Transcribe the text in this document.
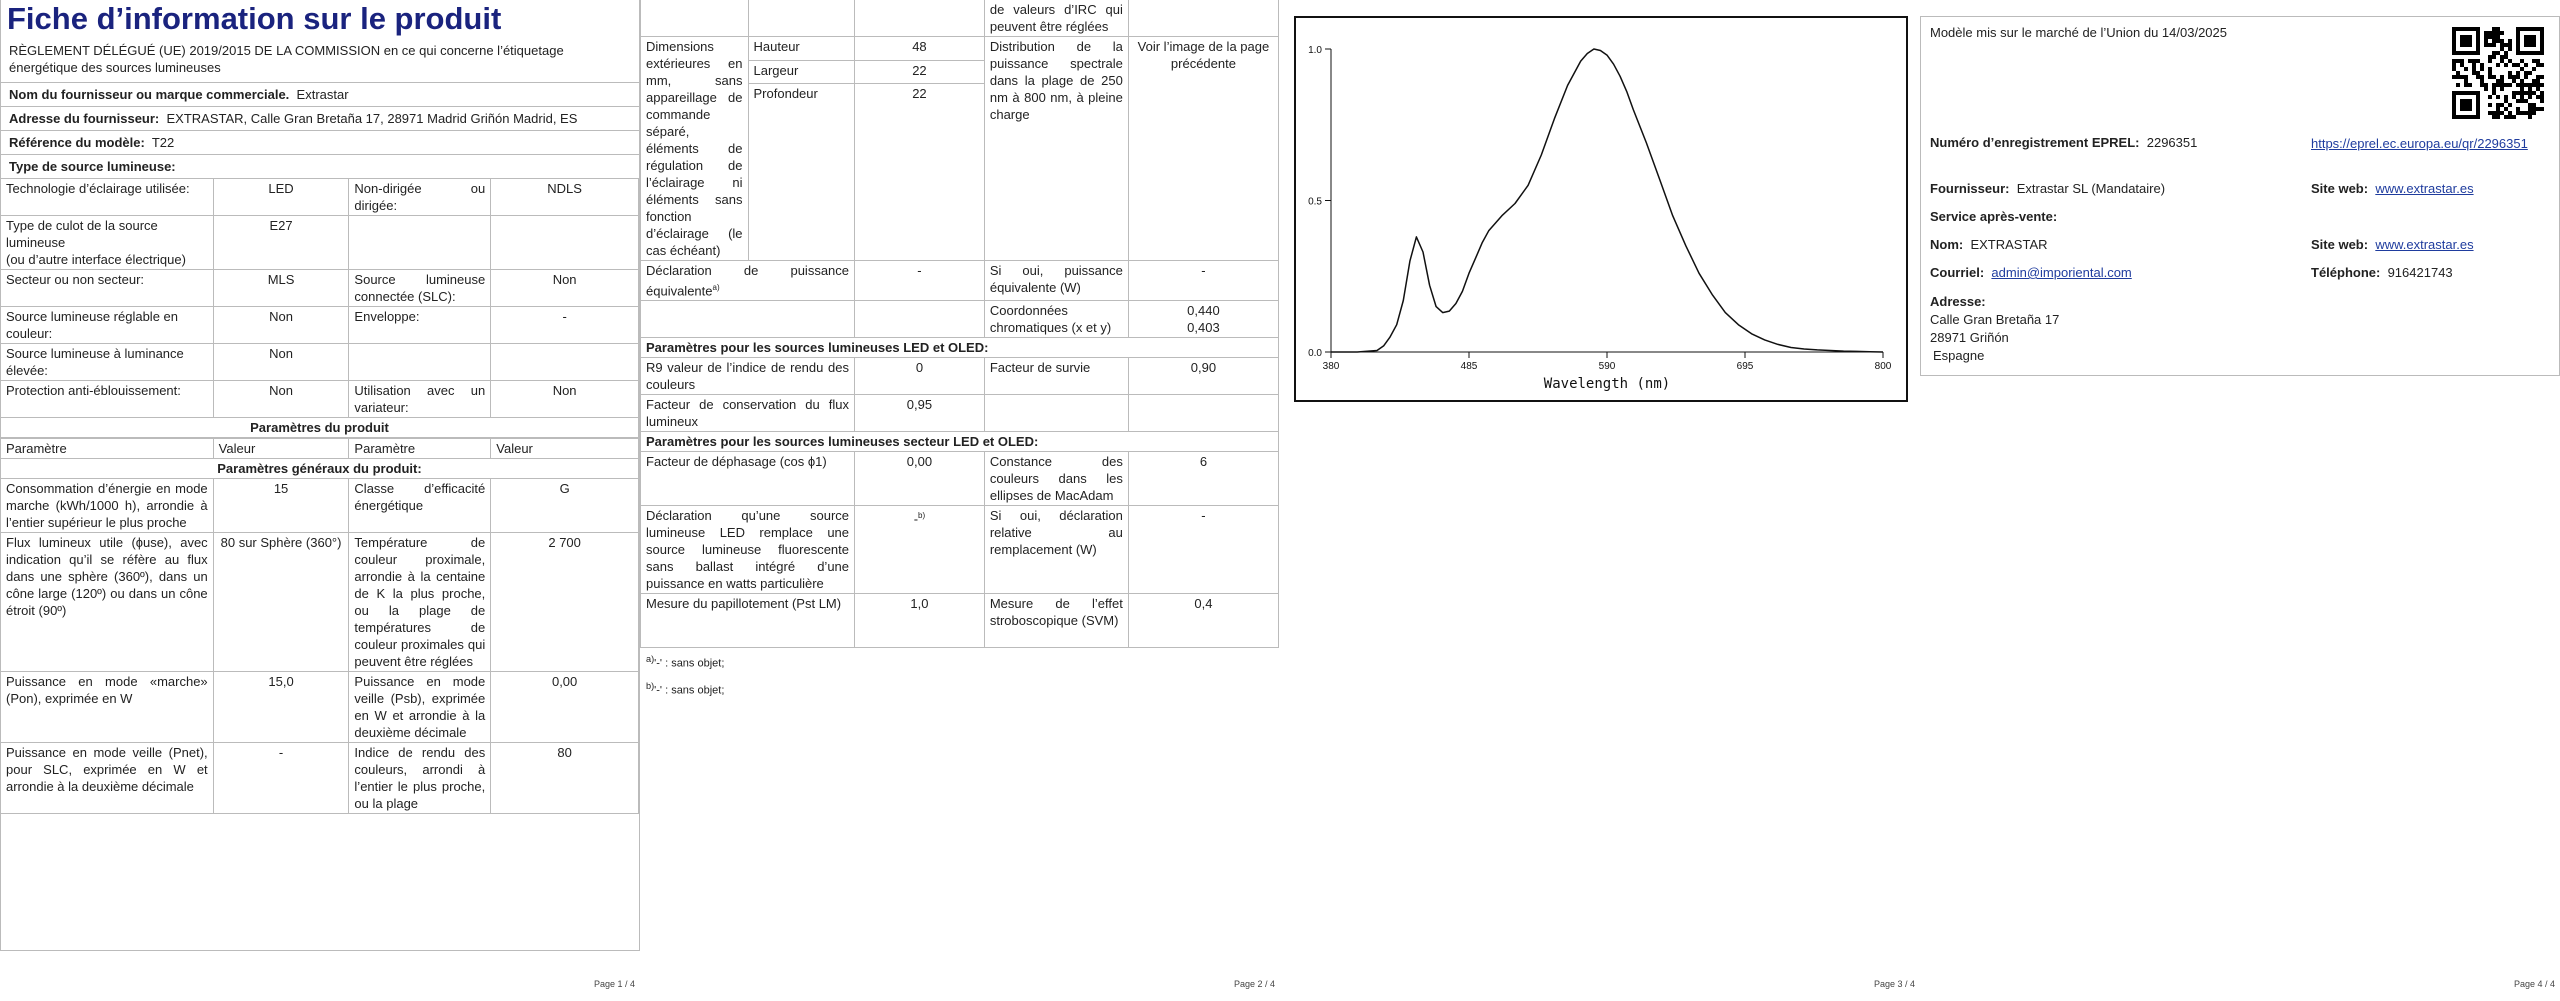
Fiche d’information sur le produit
RÈGLEMENT DÉLÉGUÉ (UE) 2019/2015 DE LA COMMISSION en ce qui concerne l’étiquetage énergétique des sources lumineuses
Nom du fournisseur ou marque commerciale. Extrastar
Adresse du fournisseur: EXTRASTAR, Calle Gran Bretaña 17, 28971 Madrid Griñón Madrid, ES
Référence du modèle: T22
Type de source lumineuse:
Technologie d’éclairage utilisée:	LED	Non-dirigée ou dirigée:	NDLS
Type de culot de la source lumineuse
(ou d’autre interface électrique)	E27		
Secteur ou non secteur:	MLS	Source lumineuse connectée (SLC):	Non
Source lumineuse réglable en couleur:	Non	Enveloppe:	-
Source lumineuse à luminance élevée:	Non		
Protection anti-éblouissement:	Non	Utilisation avec un variateur:	Non
Paramètres du produit			
Paramètre	Valeur	Paramètre	Valeur
Paramètres généraux du produit:			
Consommation d’énergie en mode marche (kWh/1000 h), arrondie à l’entier supérieur le plus proche	15	Classe d’efficacité énergétique	G
Flux lumineux utile (ɸuse), avec indication qu’il se réfère au flux dans une sphère (360º), dans un cône large (120º) ou dans un cône étroit (90º)	80 sur Sphère (360°)	Température de couleur proximale, arrondie à la centaine de K la plus proche, ou la plage de températures de couleur proximales qui peuvent être réglées	2 700
Puissance en mode «marche» (Pon), exprimée en W	15,0	Puissance en mode veille (Psb), exprimée en W et arrondie à la deuxième décimale	0,00
Puissance en mode veille (Pnet), pour SLC, exprimée en W et arrondie à la deuxième décimale	-	Indice de rendu des couleurs, arrondi à l’entier le plus proche, ou la plage	80
Page 1 / 4
			de valeurs d’IRC qui peuvent être réglées	
Dimensions extérieures en mm, sans appareillage de commande séparé, éléments de régulation de l’éclairage ni éléments sans fonction d’éclairage (le cas échéant)	Hauteur	48	Distribution de la puissance spectrale dans la plage de 250 nm à 800 nm, à pleine charge	Voir l’image de la page précédente
	Largeur	22		
	Profondeur	22		
Déclaration de puissance équivalente$^{a)}$		-	Si oui, puissance équivalente (W)	-
			Coordonnées chromatiques (x et y)	0,440
0,403
Paramètres pour les sources lumineuses LED et OLED:				
R9 valeur de l’indice de rendu des couleurs		0	Facteur de survie	0,90
Facteur de conservation du flux lumineux		0,95		
Paramètres pour les sources lumineuses secteur LED et OLED:				
Facteur de déphasage (cos ϕ1)		0,00	Constance des couleurs dans les ellipses de MacAdam	6
Déclaration qu’une source lumineuse LED remplace une source lumineuse fluorescente sans ballast intégré d’une puissance en watts particulière		-$^{b)}$	Si oui, déclaration relative au remplacement (W)	-
Mesure du papillotement (Pst LM)		1,0	Mesure de l’effet stroboscopique (SVM)	0,4
$^{a)}$'-' : sans objet;
$^{b)}$'-' : sans objet;
Page 2 / 4
380	485	590	695	800
0.0
0.5
1.0
Wavelength (nm)
Page 3 / 4
Modèle mis sur le marché de l’Union du 14/03/2025
Numéro d’enregistrement EPREL: 2296351	https://eprel.ec.europa.eu/qr/2296351
Fournisseur: Extrastar SL (Mandataire)	Site web: www.extrastar.es
Service après-vente:
Nom: EXTRASTAR	Site web: www.extrastar.es
Courriel: admin@imporiental.com	Téléphone: 916421743
Adresse:
Calle Gran Bretaña 17
28971 Griñón
Espagne
Page 4 / 4
